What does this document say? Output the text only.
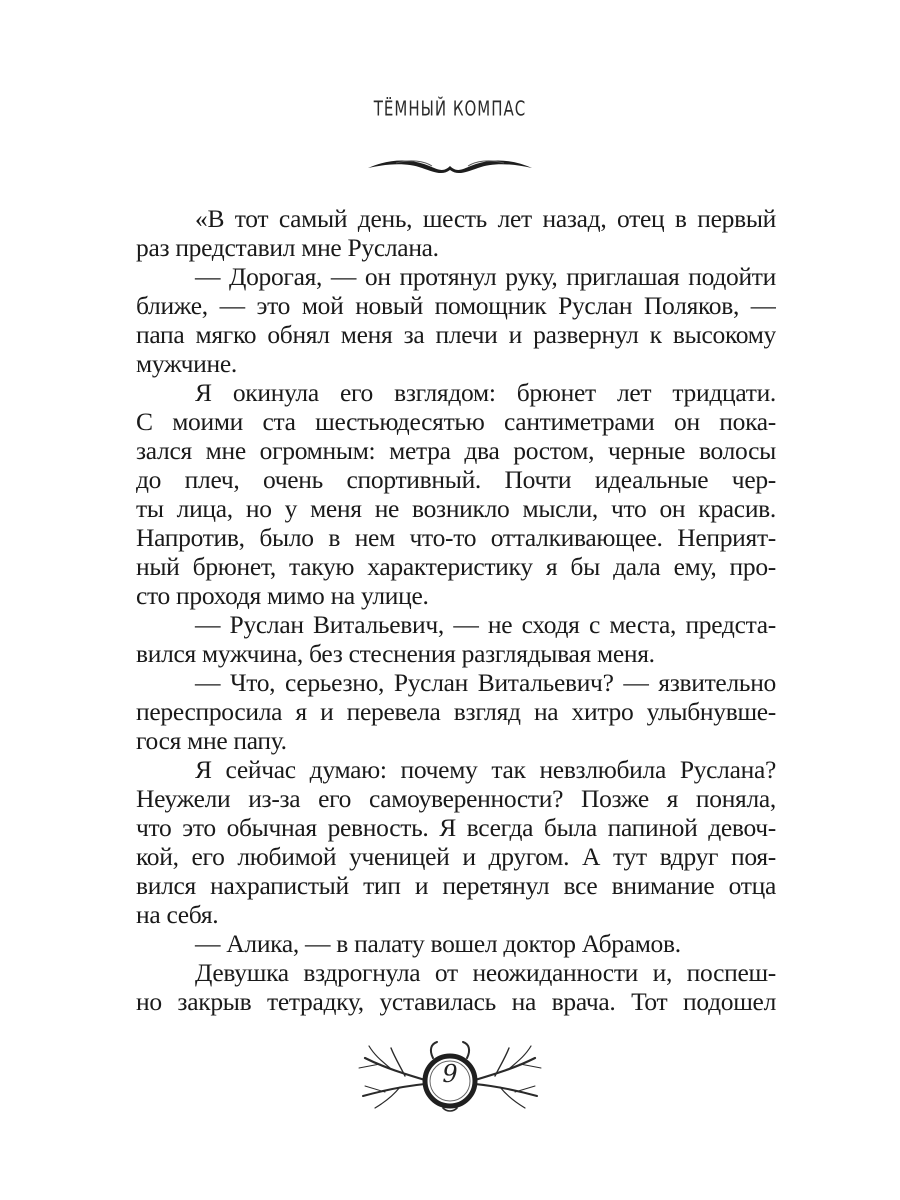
ТЁМНЫЙ КОМПАС
«В тот самый день, шесть лет назад, отец в первый
раз представил мне Руслана.
— Дорогая, — он протянул руку, приглашая подойти
ближе, — это мой новый помощник Руслан Поляков, —
папа мягко обнял меня за плечи и развернул к высокому
мужчине.
Я окинула его взглядом: брюнет лет тридцати.
С моими ста шестьюдесятью сантиметрами он пока-
зался мне огромным: метра два ростом, черные волосы
до плеч, очень спортивный. Почти идеальные чер-
ты лица, но у меня не возникло мысли, что он красив.
Напротив, было в нем что-то отталкивающее. Неприят-
ный брюнет, такую характеристику я бы дала ему, про-
сто проходя мимо на улице.
— Руслан Витальевич, — не сходя с места, предста-
вился мужчина, без стеснения разглядывая меня.
— Что, серьезно, Руслан Витальевич? — язвительно
переспросила я и перевела взгляд на хитро улыбнувше-
гося мне папу.
Я сейчас думаю: почему так невзлюбила Руслана?
Неужели из-за его самоуверенности? Позже я поняла,
что это обычная ревность. Я всегда была папиной девоч-
кой, его любимой ученицей и другом. А тут вдруг поя-
вился нахрапистый тип и перетянул все внимание отца
на себя.
— Алика, — в палату вошел доктор Абрамов.
Девушка вздрогнула от неожиданности и, поспеш-
но закрыв тетрадку, уставилась на врача. Тот подошел
9
